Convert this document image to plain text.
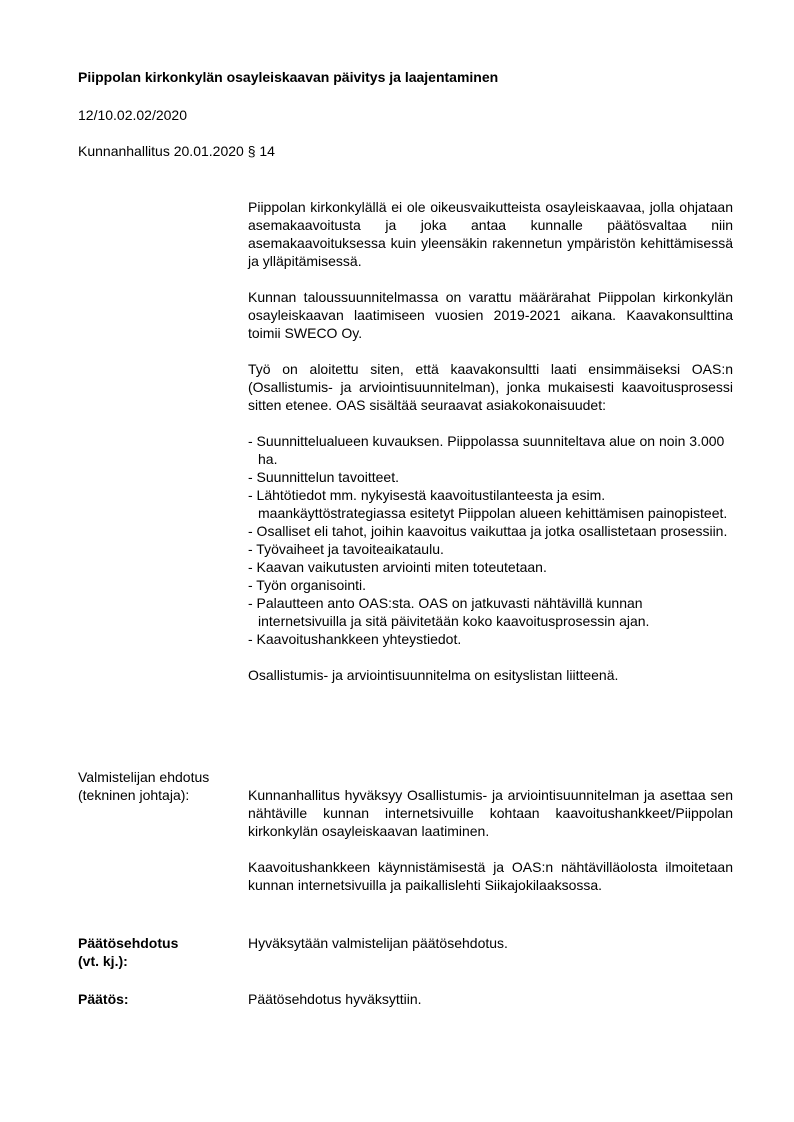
Piippolan kirkonkylän osayleiskaavan päivitys ja laajentaminen
12/10.02.02/2020
Kunnanhallitus 20.01.2020 § 14

Piippolan kirkonkylällä ei ole oikeusvaikutteista osayleiskaavaa, jolla ohjataan asemakaavoitusta ja joka antaa kunnalle päätösvaltaa niin asemakaavoituksessa kuin yleensäkin rakennetun ympäristön kehittämisessä ja ylläpitämisessä.

Kunnan taloussuunnitelmassa on varattu määrärahat Piippolan kirkonkylän osayleiskaavan laatimiseen vuosien 2019-2021 aikana. Kaavakonsulttina toimii SWECO Oy.

Työ on aloitettu siten, että kaavakonsultti laati ensimmäiseksi OAS:n (Osallistumis- ja arviointisuunnitelman), jonka mukaisesti kaavoitusprosessi sitten etenee. OAS sisältää seuraavat asiakokonaisuudet:

- Suunnittelualueen kuvauksen. Piippolassa suunniteltava alue on noin 3.000 ha.
- Suunnittelun tavoitteet.
- Lähtötiedot mm. nykyisestä kaavoitustilanteesta ja esim. maankäyttöstrategiassa esitetyt Piippolan alueen kehittämisen painopisteet.
- Osalliset eli tahot, joihin kaavoitus vaikuttaa ja jotka osallistetaan prosessiin.
- Työvaiheet ja tavoiteaikataulu.
- Kaavan vaikutusten arviointi miten toteutetaan.
- Työn organisointi.
- Palautteen anto OAS:sta. OAS on jatkuvasti nähtävillä kunnan internetsivuilla ja sitä päivitetään koko kaavoitusprosessin ajan.
- Kaavoitushankkeen yhteystiedot.

Osallistumis- ja arviointisuunnitelma on esityslistan liitteenä.

Valmistelijan ehdotus
(tekninen johtaja):	Kunnanhallitus hyväksyy Osallistumis- ja arviointisuunnitelman ja asettaa sen nähtäville kunnan internetsivuille kohtaan kaavoitushankkeet/Piippolan kirkonkylän osayleiskaavan laatiminen.

Kaavoitushankkeen käynnistämisestä ja OAS:n nähtävilläolosta ilmoitetaan kunnan internetsivuilla ja paikallislehti Siikajokilaaksossa.

Päätösehdotus
(vt. kj.):
Hyväksytään valmistelijan päätösehdotus.
Päätös:	Päätösehdotus hyväksyttiin.
